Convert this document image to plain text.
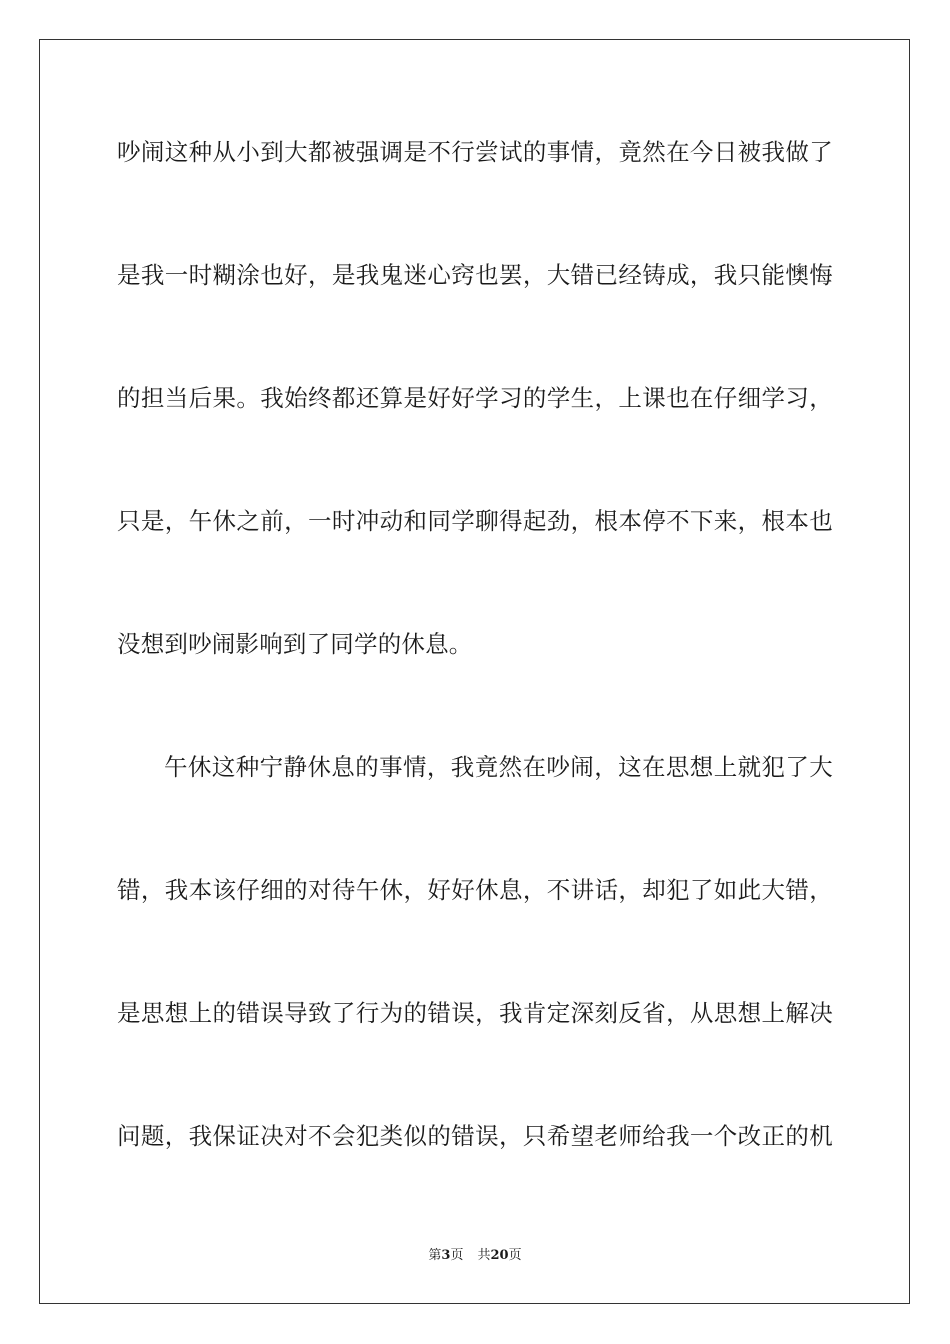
吵闹这种从小到大都被强调是不行尝试的事情，竟然在今日被我做了
是我一时糊涂也好，是我鬼迷心窍也罢，大错已经铸成，我只能懊悔
的担当后果。我始终都还算是好好学习的学生，上课也在仔细学习，
只是，午休之前，一时冲动和同学聊得起劲，根本停不下来，根本也
没想到吵闹影响到了同学的休息。
午休这种宁静休息的事情，我竟然在吵闹，这在思想上就犯了大
错，我本该仔细的对待午休，好好休息，不讲话，却犯了如此大错，
是思想上的错误导致了行为的错误，我肯定深刻反省，从思想上解决
问题，我保证决对不会犯类似的错误，只希望老师给我一个改正的机
第3页 共20页
